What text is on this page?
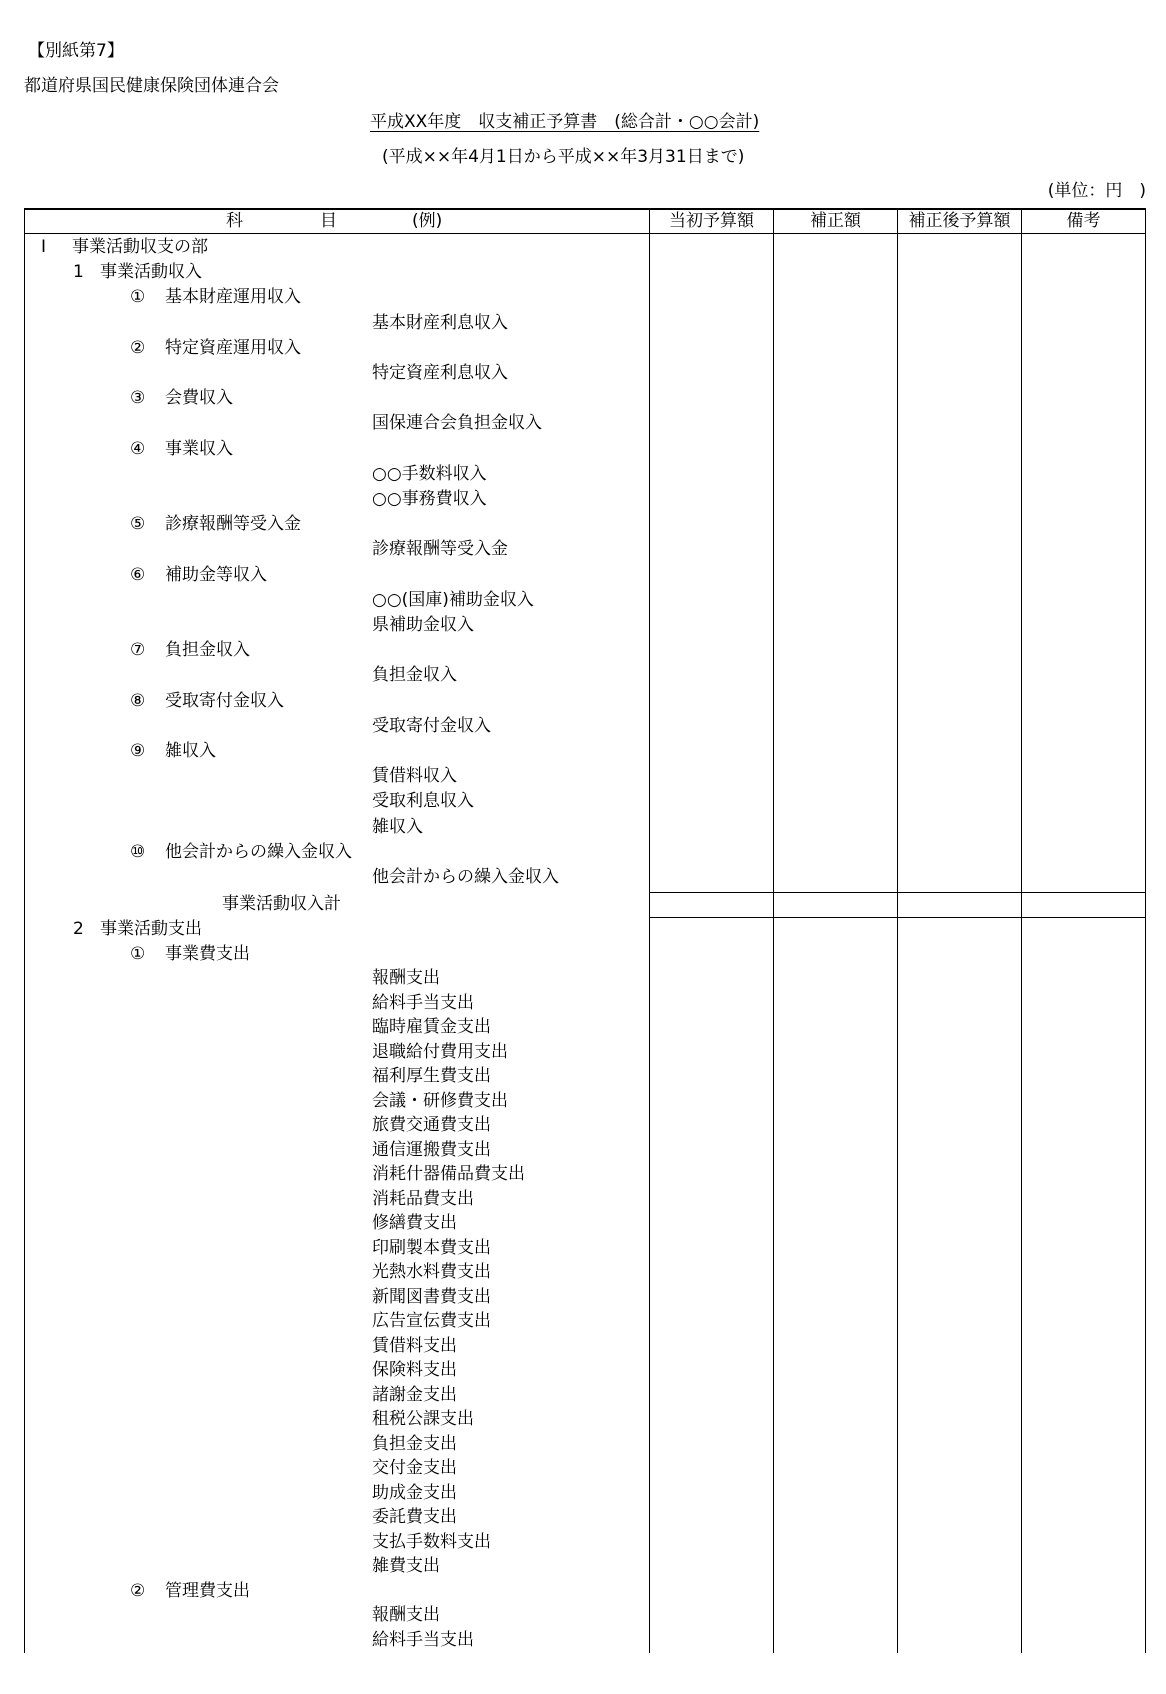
【別紙第7】
都道府県国民健康保険団体連合会
平成XX年度　収支補正予算書　(総合計・○○会計)
(平成××年4月1日から平成××年3月31日まで)
(単位：円　)
科	目	(例)	当初予算額	補正額	補正後予算額	備考
I 事業活動収支の部
1 事業活動収入
① 基本財産運用収入
基本財産利息収入
② 特定資産運用収入
特定資産利息収入
③ 会費収入
国保連合会負担金収入
④ 事業収入
○○手数料収入
○○事務費収入
⑤ 診療報酬等受入金
診療報酬等受入金
⑥ 補助金等収入
○○(国庫)補助金収入
県補助金収入
⑦ 負担金収入
負担金収入
⑧ 受取寄付金収入
受取寄付金収入
⑨ 雑収入
賃借料収入
受取利息収入
雑収入
⑩ 他会計からの繰入金収入
他会計からの繰入金収入
事業活動収入計
2 事業活動支出
① 事業費支出
報酬支出
給料手当支出
臨時雇賃金支出
退職給付費用支出
福利厚生費支出
会議・研修費支出
旅費交通費支出
通信運搬費支出
消耗什器備品費支出
消耗品費支出
修繕費支出
印刷製本費支出
光熱水料費支出
新聞図書費支出
広告宣伝費支出
賃借料支出
保険料支出
諸謝金支出
租税公課支出
負担金支出
交付金支出
助成金支出
委託費支出
支払手数料支出
雑費支出
② 管理費支出
報酬支出
給料手当支出
